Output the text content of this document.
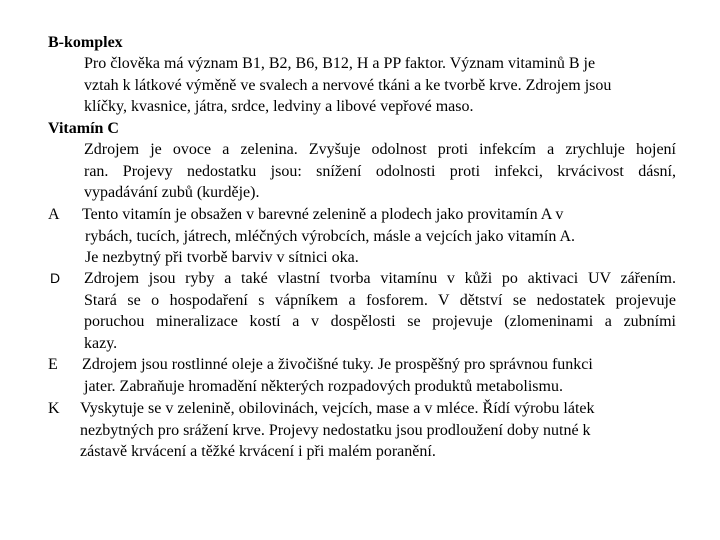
B-komplex
Pro člověka má význam B1, B2, B6, B12, H a PP faktor. Význam vitaminů B je
vztah k látkové výměně ve svalech a nervové tkáni a ke tvorbě krve. Zdrojem jsou
klíčky, kvasnice, játra, srdce, ledviny a libové vepřové maso.
Vitamín C
Zdrojem je ovoce a zelenina. Zvyšuje odolnost proti infekcím a zrychluje hojení
ran. Projevy nedostatku jsou: snížení odolnosti proti infekci, krvácivost dásní,
vypadávání zubů (kurděje).
A Tento vitamín je obsažen v barevné zelenině a plodech jako provitamín A v
rybách, tucích, játrech, mléčných výrobcích, másle a vejcích jako vitamín A.
Je nezbytný při tvorbě barviv v sítnici oka.
D Zdrojem jsou ryby a také vlastní tvorba vitamínu v kůži po aktivaci UV zářením.
Stará se o hospodaření s vápníkem a fosforem. V dětství se nedostatek projevuje
poruchou mineralizace kostí a v dospělosti se projevuje (zlomeninami a zubními
kazy.
E Zdrojem jsou rostlinné oleje a živočišné tuky. Je prospěšný pro správnou funkci
jater. Zabraňuje hromadění některých rozpadových produktů metabolismu.
K Vyskytuje se v zelenině, obilovinách, vejcích, mase a v mléce. Řídí výrobu látek
nezbytných pro srážení krve. Projevy nedostatku jsou prodloužení doby nutné k
zástavě krvácení a těžké krvácení i při malém poranění.
